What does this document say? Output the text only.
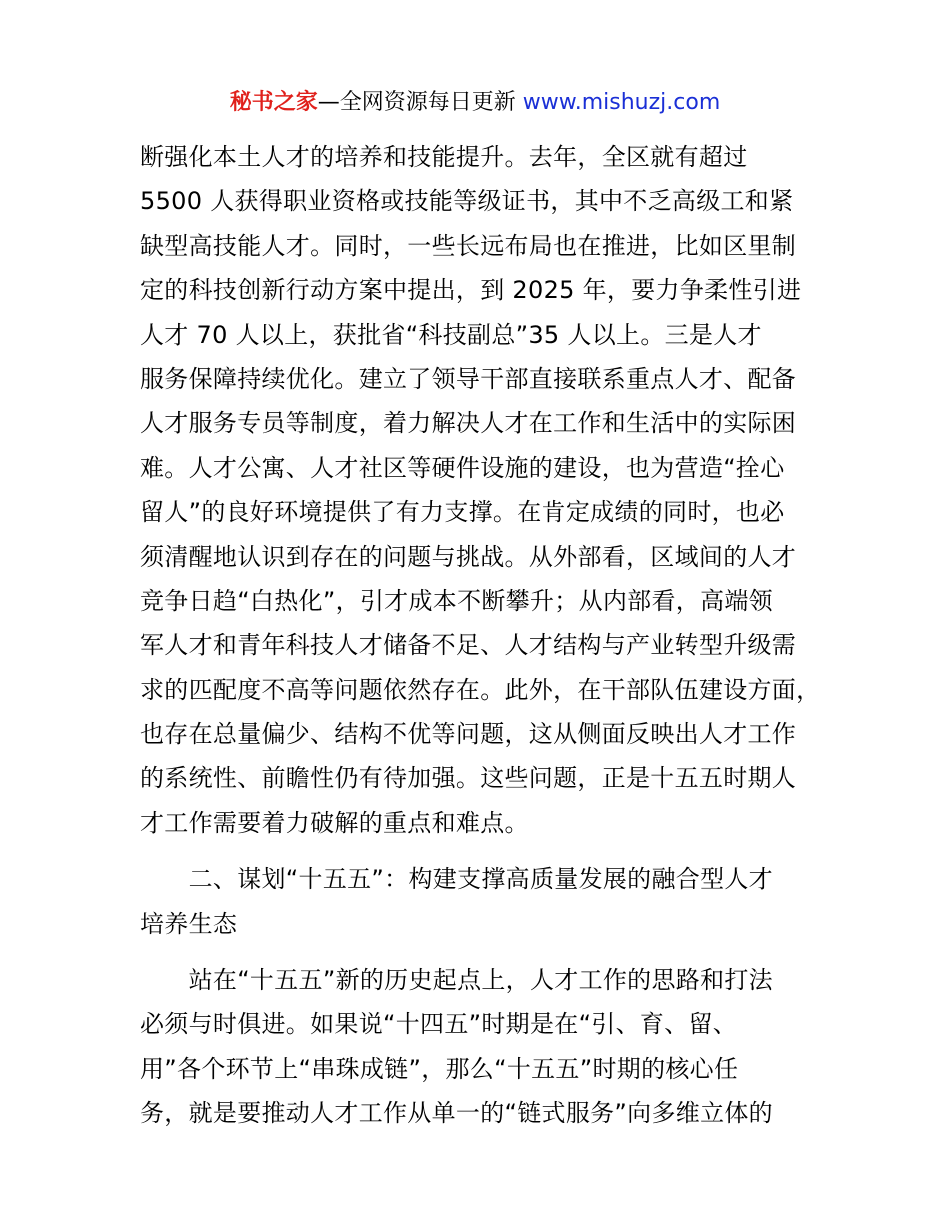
秘书之家—全网资源每日更新 www.mishuzj.com
断强化本土人才的培养和技能提升。去年，全区就有超过
5500 人获得职业资格或技能等级证书，其中不乏高级工和紧
缺型高技能人才。同时，一些长远布局也在推进，比如区里制
定的科技创新行动方案中提出，到 2025 年，要力争柔性引进
人才 70 人以上，获批省“科技副总”35 人以上。三是人才
服务保障持续优化。建立了领导干部直接联系重点人才、配备
人才服务专员等制度，着力解决人才在工作和生活中的实际困
难。人才公寓、人才社区等硬件设施的建设，也为营造“拴心
留人”的良好环境提供了有力支撑。在肯定成绩的同时，也必
须清醒地认识到存在的问题与挑战。从外部看，区域间的人才
竞争日趋“白热化”，引才成本不断攀升；从内部看，高端领
军人才和青年科技人才储备不足、人才结构与产业转型升级需
求的匹配度不高等问题依然存在。此外，在干部队伍建设方面，
也存在总量偏少、结构不优等问题，这从侧面反映出人才工作
的系统性、前瞻性仍有待加强。这些问题，正是十五五时期人
才工作需要着力破解的重点和难点。
　　二、谋划“十五五”：构建支撑高质量发展的融合型人才
培养生态
　　站在“十五五”新的历史起点上，人才工作的思路和打法
必须与时俱进。如果说“十四五”时期是在“引、育、留、
用”各个环节上“串珠成链”，那么“十五五”时期的核心任
务，就是要推动人才工作从单一的“链式服务”向多维立体的
